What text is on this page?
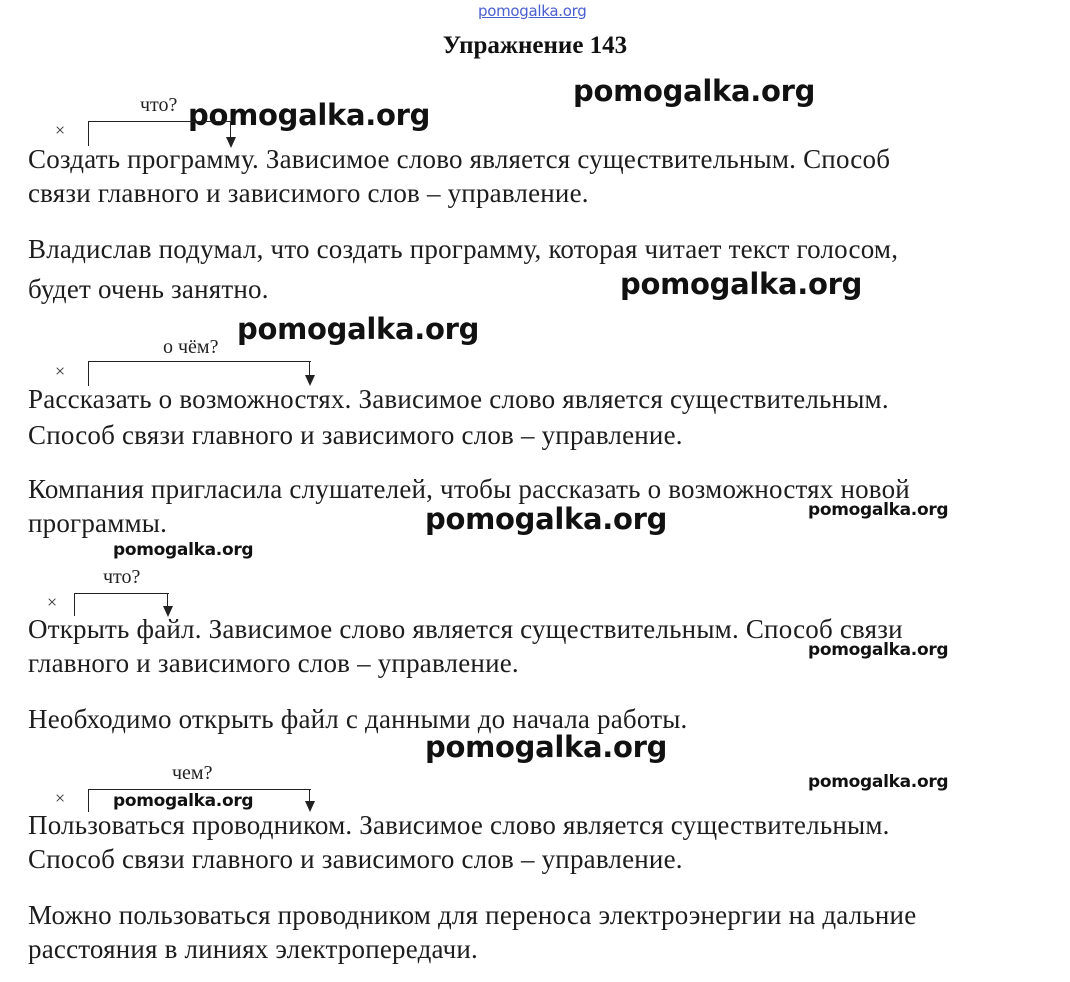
pomogalka.org
pomogalka.org
pomogalka.org
pomogalka.org
pomogalka.org
pomogalka.org	pomogalka.org
pomogalka.org
pomogalka.org
pomogalka.org
pomogalka.org
Упражнение 143
что?
×
Создать программу. Зависимое слово является существительным. Способ
связи главного и зависимого слов – управление.
Владислав подумал, что создать программу, которая читает текст голосом,
будет очень занятно.
о чём?
×
Рассказать о возможностях. Зависимое слово является существительным.
Способ связи главного и зависимого слов – управление.
Компания пригласила слушателей, чтобы рассказать о возможностях новой
программы.
что?
×
Открыть файл. Зависимое слово является существительным. Способ связи
главного и зависимого слов – управление.
Необходимо открыть файл с данными до начала работы.
чем?
×	pomogalka.org
Пользоваться проводником. Зависимое слово является существительным.
Способ связи главного и зависимого слов – управление.
Можно пользоваться проводником для переноса электроэнергии на дальние
расстояния в линиях электропередачи.
